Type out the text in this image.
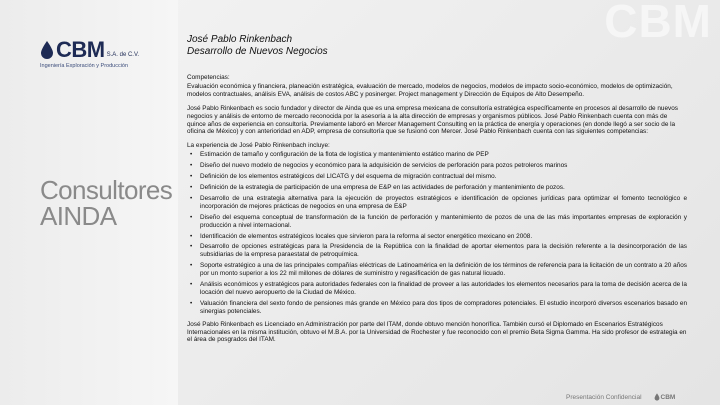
CBM
CBM S.A. de C.V.
Ingeniería Exploración y Producción
Consultores
AINDA
José Pablo Rinkenbach
Desarrollo de Nuevos Negocios
Competencias:

Evaluación económica y financiera, planeación estratégica, evaluación de mercado, modelos de negocios, modelos de impacto socio-económico, modelos de optimización, modelos contractuales, análisis EVA, análisis de costos ABC y posinerger. Project management y Dirección de Equipos de Alto Desempeño.

José Pablo Rinkenbach es socio fundador y director de Ainda que es una empresa mexicana de consultoría estratégica específicamente en procesos al desarrollo de nuevos negocios y análisis de entorno de mercado reconocida por la asesoría a la alta dirección de empresas y organismos públicos. José Pablo Rinkenbach cuenta con más de quince años de experiencia en consultoría. Previamente laboró en Mercer Management Consulting en la práctica de energía y operaciones (en donde llegó a ser socio de la oficina de México) y con anterioridad en ADP, empresa de consultoría que se fusionó con Mercer. José Pablo Rinkenbach cuenta con las siguientes competencias:

La experiencia de José Pablo Rinkenbach incluye:
• Estimación de tamaño y configuración de la flota de logística y mantenimiento estático marino de PEP
• Diseño del nuevo modelo de negocios y económico para la adquisición de servicios de perforación para pozos petroleros marinos
• Definición de los elementos estratégicos del LICATG y del esquema de migración contractual del mismo.
• Definición de la estrategia de participación de una empresa de E&P en las actividades de perforación y mantenimiento de pozos.
• Desarrollo de una estrategia alternativa para la ejecución de proyectos estratégicos e identificación de opciones jurídicas para optimizar el fomento tecnológico e incorporación de mejores prácticas de negocios en una empresa de E&P
• Diseño del esquema conceptual de transformación de la función de perforación y mantenimiento de pozos de una de las más importantes empresas de exploración y producción a nivel internacional.
• Identificación de elementos estratégicos locales que sirvieron para la reforma al sector energético mexicano en 2008.
• Desarrollo de opciones estratégicas para la Presidencia de la República con la finalidad de aportar elementos para la decisión referente a la desincorporación de las subsidiarias de la empresa paraestatal de petroquímica.
• Soporte estratégico a una de las principales compañías eléctricas de Latinoamérica en la definición de los términos de referencia para la licitación de un contrato a 20 años por un monto superior a los 22 mil millones de dólares de suministro y regasificación de gas natural licuado.
• Análisis económicos y estratégicos para autoridades federales con la finalidad de proveer a las autoridades los elementos necesarios para la toma de decisión acerca de la locación del nuevo aeropuerto de la Ciudad de México.
• Valuación financiera del sexto fondo de pensiones más grande en México para dos tipos de compradores potenciales. El estudio incorporó diversos escenarios basado en sinergias potenciales.

José Pablo Rinkenbach es Licenciado en Administración por parte del ITAM, donde obtuvo mención honorífica. También cursó el Diplomado en Escenarios Estratégicos Internacionales en la misma institución, obtuvo el M.B.A. por la Universidad de Rochester y fue reconocido con el premio Beta Sigma Gamma. Ha sido profesor de estrategia en el área de posgrados del ITAM.

Presentación Confidencial	CBM
